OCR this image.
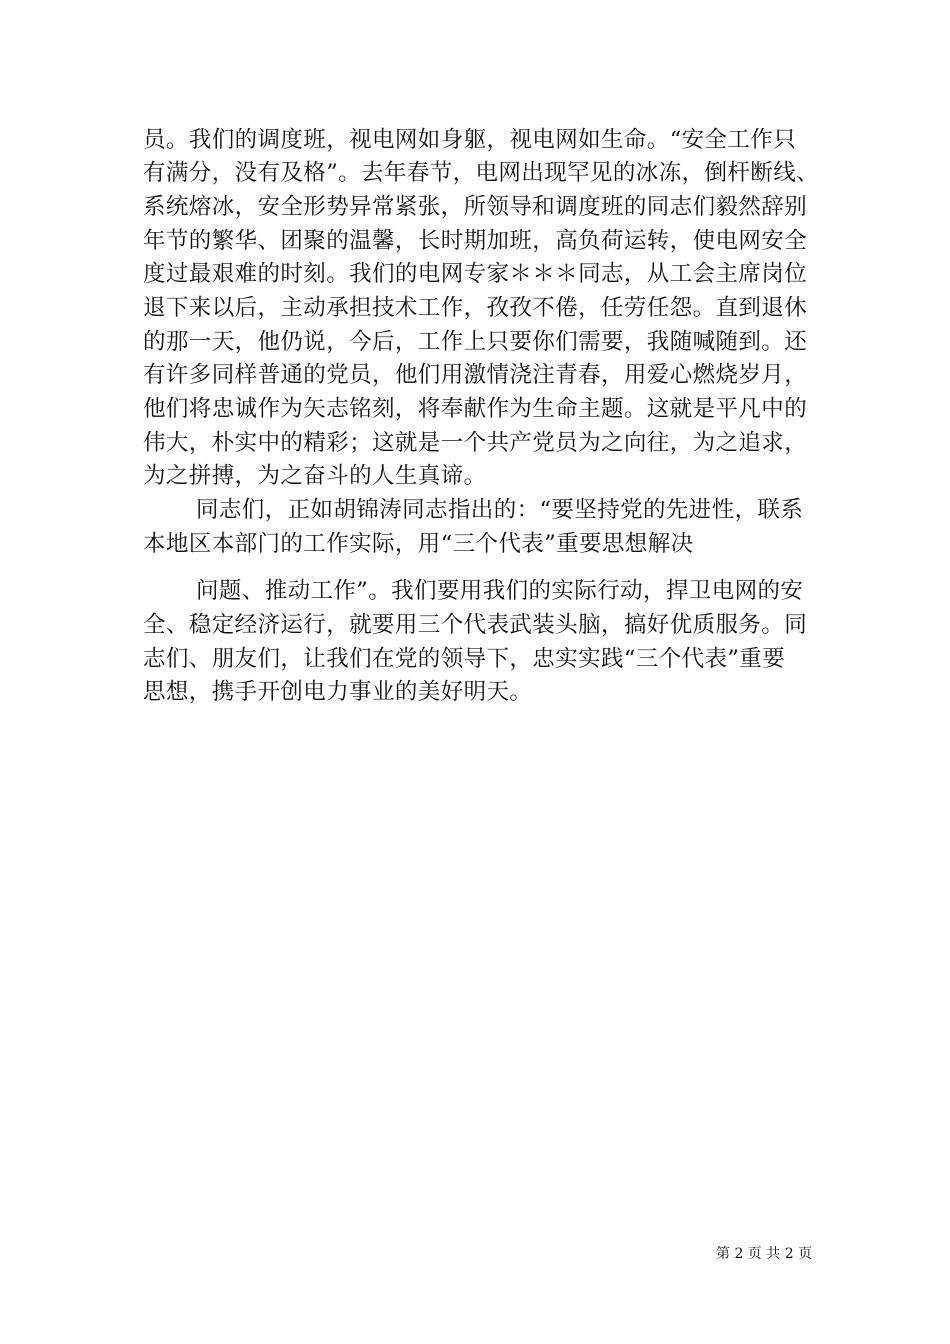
员。我们的调度班，视电网如身躯，视电网如生命。“安全工作只
有满分，没有及格”。去年春节，电网出现罕见的冰冻，倒杆断线、
系统熔冰，安全形势异常紧张，所领导和调度班的同志们毅然辞别
年节的繁华、团聚的温馨，长时期加班，高负荷运转，使电网安全
度过最艰难的时刻。我们的电网专家＊＊＊同志，从工会主席岗位
退下来以后，主动承担技术工作，孜孜不倦，任劳任怨。直到退休
的那一天，他仍说，今后，工作上只要你们需要，我随喊随到。还
有许多同样普通的党员，他们用激情浇注青春，用爱心燃烧岁月，
他们将忠诚作为矢志铭刻，将奉献作为生命主题。这就是平凡中的
伟大，朴实中的精彩；这就是一个共产党员为之向往，为之追求，
为之拼搏，为之奋斗的人生真谛。
同志们，正如胡锦涛同志指出的：“要坚持党的先进性，联系
本地区本部门的工作实际，用“三个代表”重要思想解决
问题、推动工作”。我们要用我们的实际行动，捍卫电网的安
全、稳定经济运行，就要用三个代表武装头脑，搞好优质服务。同
志们、朋友们，让我们在党的领导下，忠实实践“三个代表”重要
思想，携手开创电力事业的美好明天。
第 2 页 共 2 页
